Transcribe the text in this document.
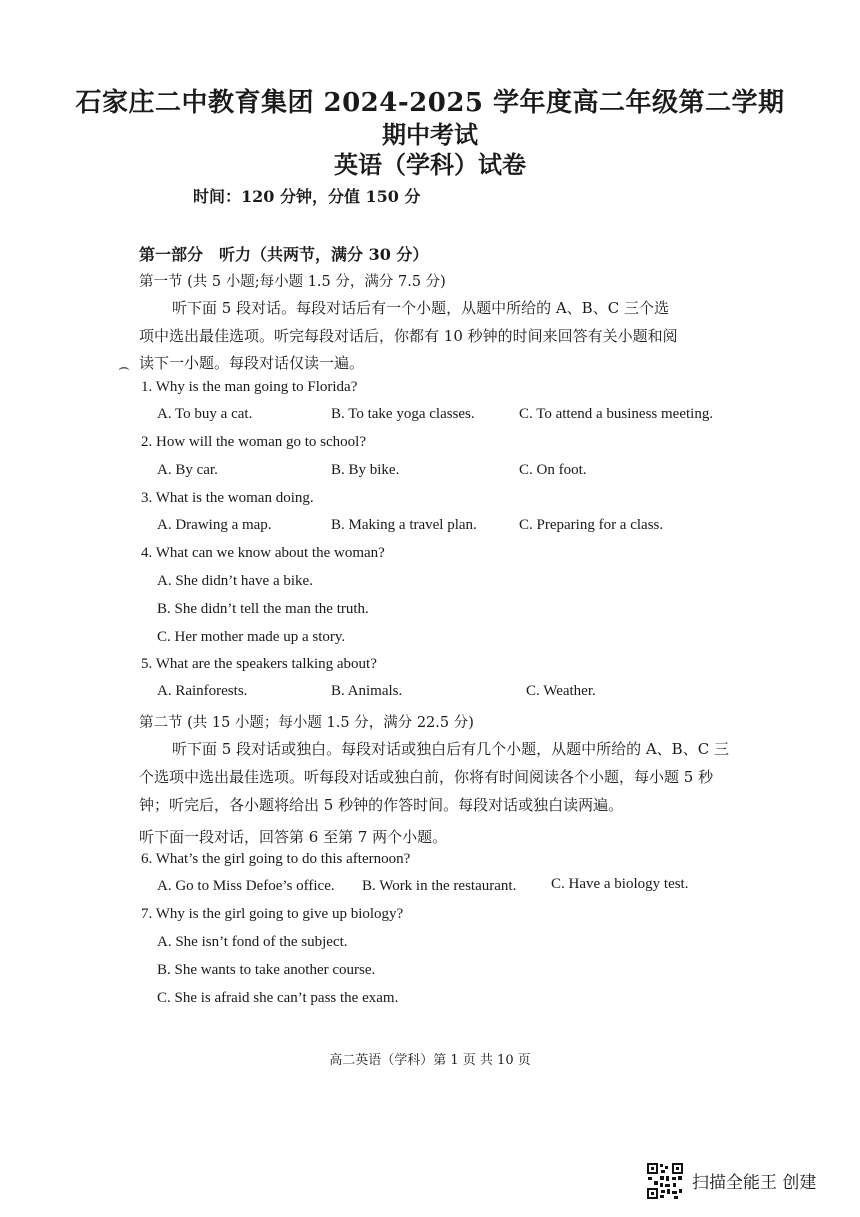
石家庄二中教育集团 2024-2025 学年度高二年级第二学期
期中考试
英语（学科）试卷
时间：120 分钟，分值 150 分
第一部分　听力（共两节，满分 30 分）
第一节 (共 5 小题;每小题 1.5 分，满分 7.5 分)
听下面 5 段对话。每段对话后有一个小题，从题中所给的 A、B、C 三个选
项中选出最佳选项。听完每段对话后，你都有 10 秒钟的时间来回答有关小题和阅
读下一小题。每段对话仅读一遍。
⌢
1. Why is the man going to Florida?
A. To buy a cat.	B. To take yoga classes.	C. To attend a business meeting.
2. How will the woman go to school?
A. By car.	B. By bike.	C. On foot.
3. What is the woman doing.
A. Drawing a map.	B. Making a travel plan.	C. Preparing for a class.
4. What can we know about the woman?
A. She didn’t have a bike.
B. She didn’t tell the man the truth.
C. Her mother made up a story.
5. What are the speakers talking about?
A. Rainforests.	B. Animals.	C. Weather.
第二节 (共 15 小题；每小题 1.5 分，满分 22.5 分)
听下面 5 段对话或独白。每段对话或独白后有几个小题，从题中所给的 A、B、C 三
个选项中选出最佳选项。听每段对话或独白前，你将有时间阅读各个小题，每小题 5 秒
钟；听完后，各小题将给出 5 秒钟的作答时间。每段对话或独白读两遍。
听下面一段对话，回答第 6 至第 7 两个小题。
6. What’s the girl going to do this afternoon?
A. Go to Miss Defoe’s office. B. Work in the restaurant. C. Have a biology test.
7. Why is the girl going to give up biology?
A. She isn’t fond of the subject.
B. She wants to take another course.
C. She is afraid she can’t pass the exam.
高二英语（学科）第 1 页 共 10 页
扫描全能王 创建
